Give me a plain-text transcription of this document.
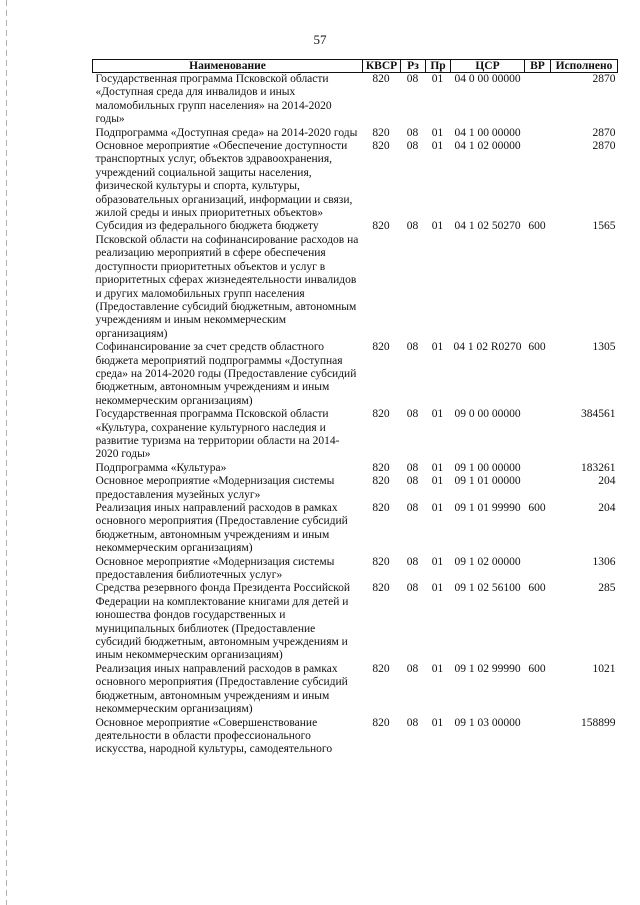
57
Наименование	КВСР	Рз	Пр	ЦСР	ВР	Исполнено
Государственная программа Псковской области «Доступная среда для инвалидов и иных маломобильных групп населения» на 2014-2020 годы»	820	08	01	04 0 00 00000		2870
Подпрограмма «Доступная среда» на 2014-2020 годы	820	08	01	04 1 00 00000		2870
Основное мероприятие «Обеспечение доступности транспортных услуг, объектов здравоохранения, учреждений социальной защиты населения, физической культуры и спорта, культуры, образовательных организаций, информации и связи, жилой среды и иных приоритетных объектов»	820	08	01	04 1 02 00000		2870
Субсидия из федерального бюджета бюджету Псковской области на софинансирование расходов на реализацию мероприятий в сфере обеспечения доступности приоритетных объектов и услуг в приоритетных сферах жизнедеятельности инвалидов и других маломобильных групп населения (Предоставление субсидий бюджетным, автономным учреждениям и иным некоммерческим организациям)	820	08	01	04 1 02 50270	600	1565
Софинансирование за счет средств областного бюджета мероприятий подпрограммы «Доступная среда» на 2014-2020 годы (Предоставление субсидий бюджетным, автономным учреждениям и иным некоммерческим организациям)	820	08	01	04 1 02 R0270	600	1305
Государственная программа Псковской области «Культура, сохранение культурного наследия и развитие туризма на территории области на 2014-2020 годы»	820	08	01	09 0 00 00000		384561
Подпрограмма «Культура»	820	08	01	09 1 00 00000		183261
Основное мероприятие «Модернизация системы предоставления музейных услуг»	820	08	01	09 1 01 00000		204
Реализация иных направлений расходов в рамках основного мероприятия (Предоставление субсидий бюджетным, автономным учреждениям и иным некоммерческим организациям)	820	08	01	09 1 01 99990	600	204
Основное мероприятие «Модернизация системы предоставления библиотечных услуг»	820	08	01	09 1 02 00000		1306
Средства резервного фонда Президента Российской Федерации на комплектование книгами для детей и юношества фондов государственных и муниципальных библиотек (Предоставление субсидий бюджетным, автономным учреждениям и иным некоммерческим организациям)	820	08	01	09 1 02 56100	600	285
Реализация иных направлений расходов в рамках основного мероприятия (Предоставление субсидий бюджетным, автономным учреждениям и иным некоммерческим организациям)	820	08	01	09 1 02 99990	600	1021
Основное мероприятие «Совершенствование деятельности в области профессионального искусства, народной культуры, самодеятельного	820	08	01	09 1 03 00000		158899
